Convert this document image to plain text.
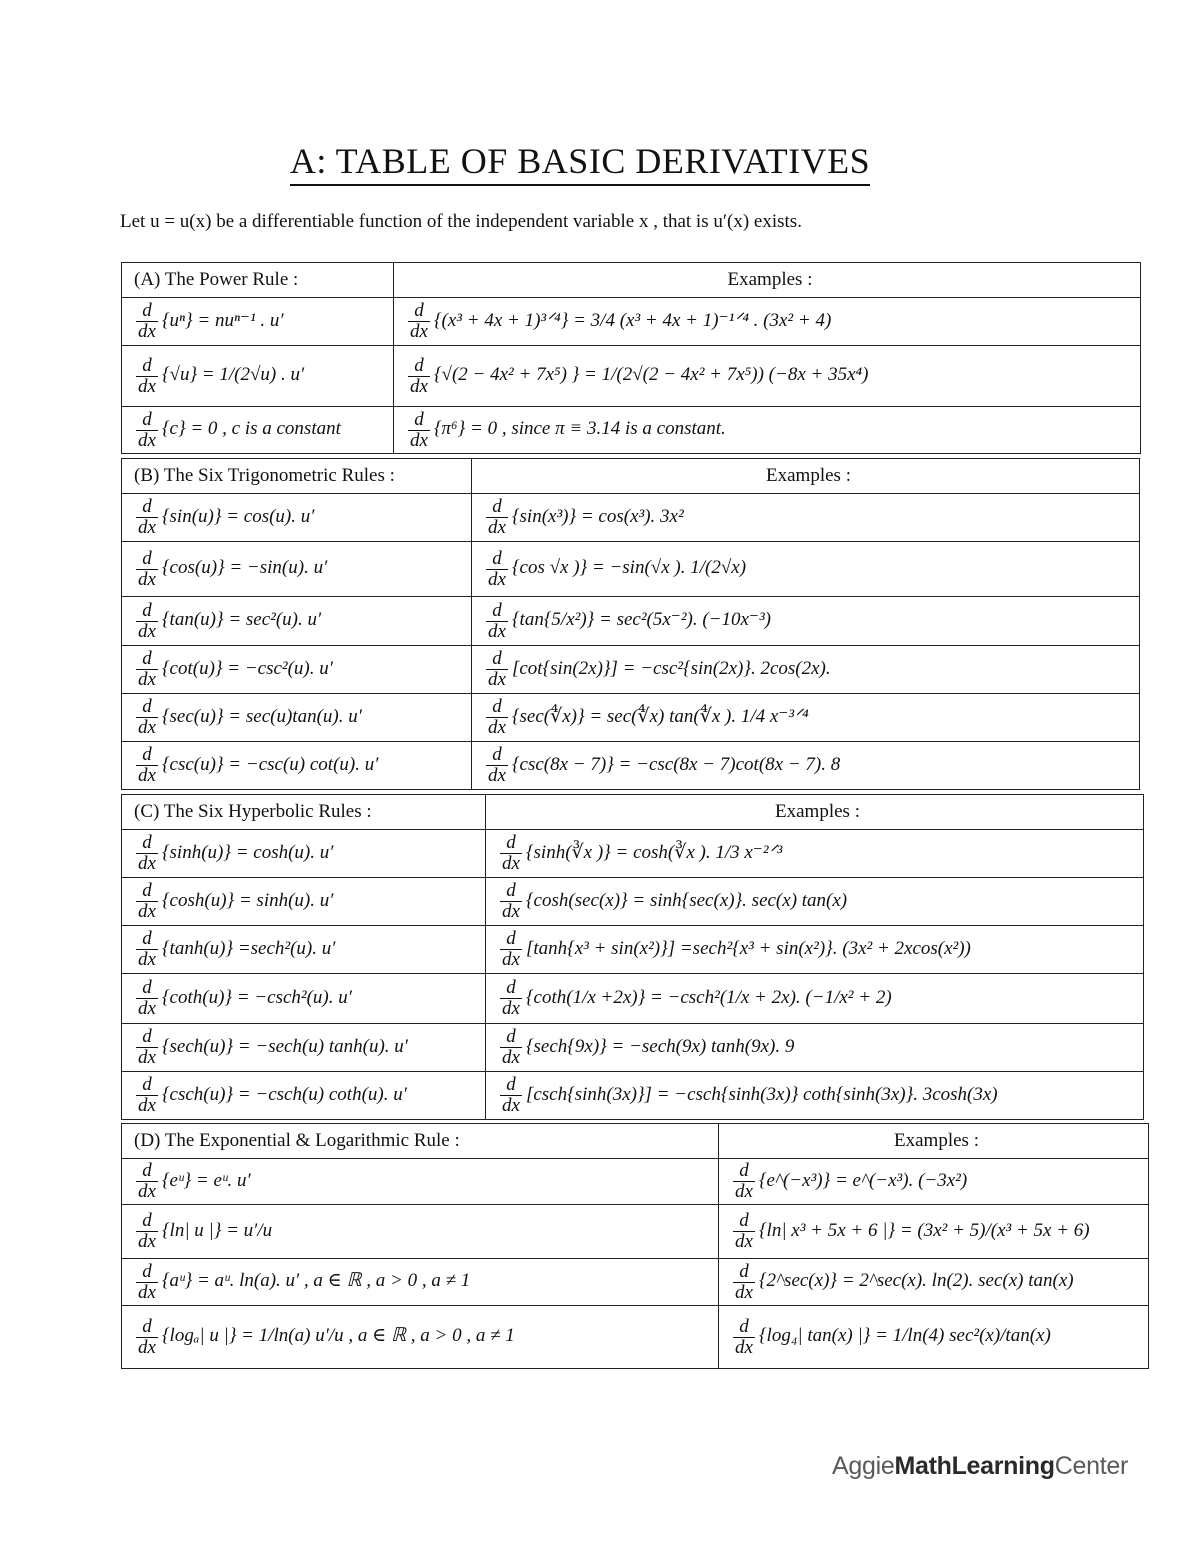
A: TABLE OF BASIC DERIVATIVES
Let u = u(x) be a differentiable function of the independent variable x , that is u′(x) exists.
(A) The Power Rule :	Examples :

$\frac{d}{dx} \{u^n\} = nu^{n-1}$ . u′	$\frac{d}{dx} \{(x^3 + 4x$ + 1)³ᐟ⁴} = 3/4 (x³ + 4x + 1)⁻¹ᐟ⁴ . (3x² + 4)

$\frac{d}{dx} \{√u\} = 1/(2√u)$ . u′	$\frac{d}{dx} \{√(2 - 4x^2 + 7x^5)$ } = 1/(2√(2 − 4x² + 7x⁵)) (−8x + 35x⁴)

$\frac{d}{dx} \{c\} = 0$ , c is a constant	$\frac{d}{dx} \{\pi^6\} = 0$ , since π ≡ 3.14 is a constant.
(B) The Six Trigonometric Rules :	Examples :

$\frac{d}{dx} \{\sin(u)\} = \cos(u)$. u′	$\frac{d}{dx} \{\sin(x^3)\} = \cos(x^3)$. 3x²

$\frac{d}{dx} \{\cos(u)\} = -\sin(u)$. u′	$\frac{d}{dx} \{\cos$ √x )} = −sin(√x ). 1/(2√x)

$\frac{d}{dx} \{\tan(u)\} = \sec^2(u)$. u′	$\frac{d}{dx} \{\tan\{5/x^2)\} = \sec^2(5x^{-2})$. (−10x⁻³)

$\frac{d}{dx} \{\cot(u)\} = -\csc^2(u)$. u′	$\frac{d}{dx} [\cot\{\sin(2x)\}] = -\csc^2\{\sin(2x)\}$. 2cos(2x).

$\frac{d}{dx} \{\sec(u)\} = \sec(u)\tan(u)$. u′	$\frac{d}{dx}$ {sec(∜x)} = sec(∜x) tan(∜x ). 1/4 x⁻³ᐟ⁴

$\frac{d}{dx} \{\csc(u)\} = -\csc(u)$ cot(u). u′	$\frac{d}{dx} \{\csc(8x - 7)\} = -\csc(8x - 7)\cot(8x - 7)$. 8
(C) The Six Hyperbolic Rules :	Examples :

$\frac{d}{dx} \{\sinh(u)\} = \cosh(u)$. u′	$\frac{d}{dx}$ {sinh(∛x )} = cosh(∛x ). 1/3 x⁻²ᐟ³

$\frac{d}{dx} \{\cosh(u)\} = \sinh(u)$. u′	$\frac{d}{dx} \{\cosh(\sec(x)\} = \sinh\{\sec(x)\}$. sec(x) tan(x)

$\frac{d}{dx} \{\tanh(u)\} =\sec h^2(u)$. u′	$\frac{d}{dx} [\tanh\{x^3 + \sin(x^2)\}] =\sec h^2\{x^3 + \sin(x^2)\}$. (3x² + 2xcos(x²))

$\frac{d}{dx} \{\cot h(u)\} = -\csc h^2(u)$. u′	$\frac{d}{dx} \{\cot h(1/x +2x)\} = -\csc h^2(1/x + 2x)$. (−1/x² + 2)

$\frac{d}{dx} \{\sec h(u)\} = -\sec h(u)$ tanh(u). u′	$\frac{d}{dx} \{\sec h\{9x)\} = -\sec h(9x)$ tanh(9x). 9

$\frac{d}{dx} \{\csc h(u)\} = -\csc h(u)$ coth(u). u′	$\frac{d}{dx} [\csc h\{\sinh(3x)\}] = -\csc h\{\sinh(3x)\}$ coth{sinh(3x)}. 3cosh(3x)
(D) The Exponential & Logarithmic Rule :	Examples :

$\frac{d}{dx}$ {eᵘ} = eᵘ. u′	$\frac{d}{dx}$ {e^(−x³)} = e^(−x³). (−3x²)

$\frac{d}{dx} \{\ln|$ u |} = u′/u	$\frac{d}{dx} \{\ln|$ x³ + 5x + 6 |} = (3x² + 5)/(x³ + 5x + 6)

$\frac{d}{dx}$ {aᵘ} = aᵘ. ln(a). u′ , a ∈ ℝ , a > 0 , a ≠ 1	$\frac{d}{dx}$ {2^sec(x)} = 2^sec(x). ln(2). sec(x) tan(x)

$\frac{d}{dx} \{\log_a|$ u |} = 1/ln(a) u′/u , a ∈ ℝ , a > 0 , a ≠ 1	$\frac{d}{dx} \{\log_4|$ tan(x) |} = 1/ln(4) sec²(x)/tan(x)
AggieMathLearningCenter
